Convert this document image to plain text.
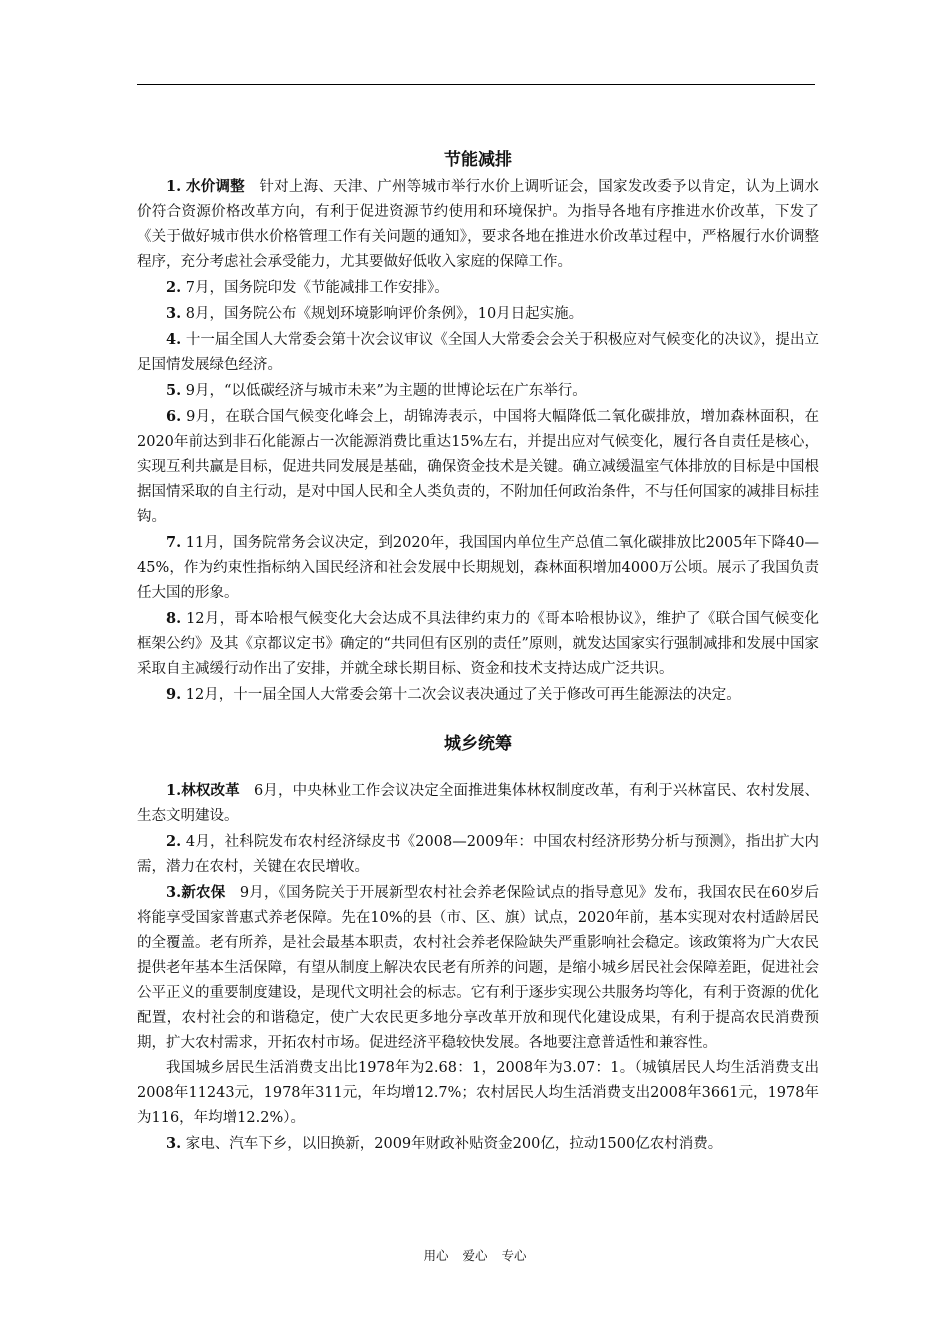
节能减排

1. 水价调整 针对上海、天津、广州等城市举行水价上调听证会，国家发改委予以肯定，认为上调水价符合资源价格改革方向，有利于促进资源节约使用和环境保护。为指导各地有序推进水价改革，下发了《关于做好城市供水价格管理工作有关问题的通知》，要求各地在推进水价改革过程中，严格履行水价调整程序，充分考虑社会承受能力，尤其要做好低收入家庭的保障工作。

2. 7月，国务院印发《节能减排工作安排》。

3. 8月，国务院公布《规划环境影响评价条例》，10月日起实施。

4. 十一届全国人大常委会第十次会议审议《全国人大常委会会关于积极应对气候变化的决议》，提出立足国情发展绿色经济。

5. 9月，“以低碳经济与城市未来”为主题的世博论坛在广东举行。

6. 9月，在联合国气候变化峰会上，胡锦涛表示，中国将大幅降低二氧化碳排放，增加森林面积，在2020年前达到非石化能源占一次能源消费比重达15%左右，并提出应对气候变化，履行各自责任是核心，实现互利共赢是目标，促进共同发展是基础，确保资金技术是关键。确立减缓温室气体排放的目标是中国根据国情采取的自主行动，是对中国人民和全人类负责的，不附加任何政治条件，不与任何国家的减排目标挂钩。

7. 11月，国务院常务会议决定，到2020年，我国国内单位生产总值二氧化碳排放比2005年下降40—45%，作为约束性指标纳入国民经济和社会发展中长期规划，森林面积增加4000万公顷。展示了我国负责任大国的形象。

8. 12月，哥本哈根气候变化大会达成不具法律约束力的《哥本哈根协议》，维护了《联合国气候变化框架公约》及其《京都议定书》确定的“共同但有区别的责任”原则，就发达国家实行强制减排和发展中国家采取自主减缓行动作出了安排，并就全球长期目标、资金和技术支持达成广泛共识。

9. 12月，十一届全国人大常委会第十二次会议表决通过了关于修改可再生能源法的决定。

城乡统筹

1.林权改革 6月，中央林业工作会议决定全面推进集体林权制度改革，有利于兴林富民、农村发展、生态文明建设。

2. 4月，社科院发布农村经济绿皮书《2008—2009年：中国农村经济形势分析与预测》，指出扩大内需，潜力在农村，关键在农民增收。

3.新农保 9月，《国务院关于开展新型农村社会养老保险试点的指导意见》发布，我国农民在60岁后将能享受国家普惠式养老保障。先在10%的县（市、区、旗）试点，2020年前，基本实现对农村适龄居民的全覆盖。老有所养，是社会最基本职责，农村社会养老保险缺失严重影响社会稳定。该政策将为广大农民提供老年基本生活保障，有望从制度上解决农民老有所养的问题，是缩小城乡居民社会保障差距，促进社会公平正义的重要制度建设，是现代文明社会的标志。它有利于逐步实现公共服务均等化，有利于资源的优化配置，农村社会的和谐稳定，使广大农民更多地分享改革开放和现代化建设成果，有利于提高农民消费预期，扩大农村需求，开拓农村市场。促进经济平稳较快发展。各地要注意普适性和兼容性。

我国城乡居民生活消费支出比1978年为2.68：1，2008年为3.07：1。（城镇居民人均生活消费支出2008年11243元，1978年311元，年均增12.7%；农村居民人均生活消费支出2008年3661元，1978年为116，年均增12.2%）。

3. 家电、汽车下乡，以旧换新，2009年财政补贴资金200亿，拉动1500亿农村消费。

用心 爱心 专心
